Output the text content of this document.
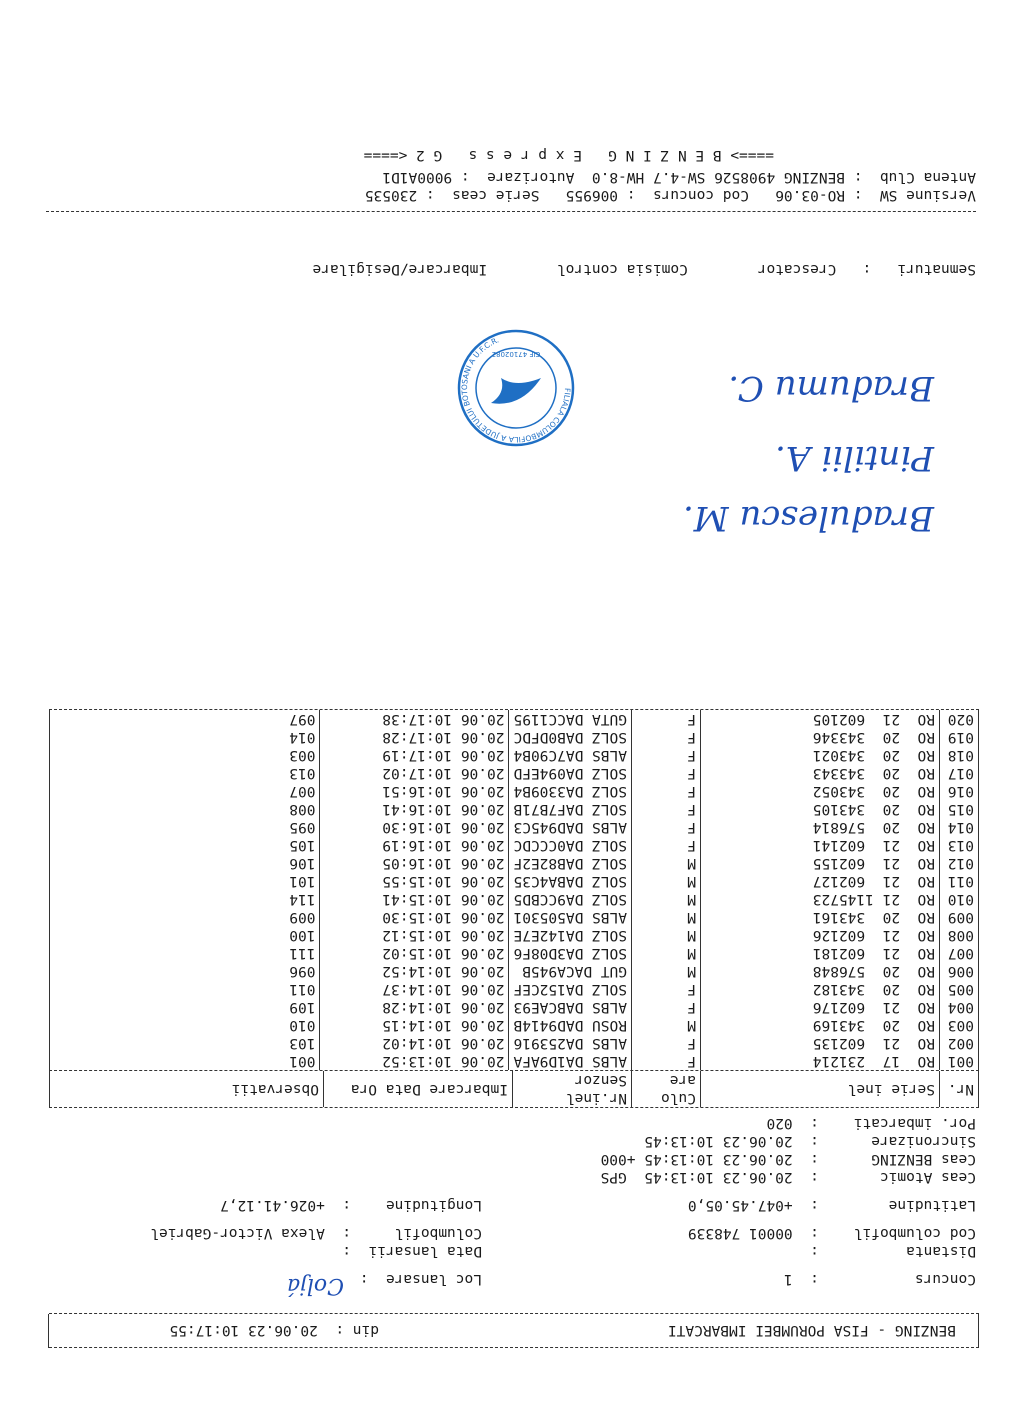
BENZING - FISA PORUMBEI IMBARCATI
din :  20.06.23 10:17:55
Concurs           :  1
Loc lansare  :
Coljá
Distanta          :
Data lansarii  :
Cod columbofil    :  00001 748339
Columbofil     :  Alexa Victor-Gabriel
Latitudine        :  +047.45.05,0
Longitudine    :  +026.41.12,7
Ceas Atomic       :  20.06.23 10:13:45  GPS
Ceas BENZING      :  20.06.23 10:13:45 +000
Sincronizare      :  20.06.23 10:13:45
Por. imbarcati    :  020
Nr.	Serie inel	Culo are	Nr.inel Senzor	Imbarcare Data Ora	Observatii
001	RO  17  231214	F	ALBS DA1D9AFA	20.06 10:13:52	001
002	RO  21  602135	F	ALBS DA253916	20.06 10:14:02	103
003	RO  20  343169	M	ROSU DAD9414B	20.06 10:14:15	010
004	RO  21  602176	F	ALBS DABCAE93	20.06 10:14:28	109
005	RO  20  343182	F	SOLZ DA152CEF	20.06 10:14:37	011
006	RO  20  576848	M	GUT DACA945B	20.06 10:14:52	096
007	RO  21  602181	M	SOLZ DA3D08F6	20.06 10:15:02	111
008	RO  21  602126	M	SOLZ DA142E7E	20.06 10:15:12	100
009	RO  20  343161	M	ALBS DA505301	20.06 10:15:30	009
010	RO  21 1145723	M	SOLZ DA9CCBD5	20.06 10:15:41	114
011	RO  21  602127	M	SOLZ DABA4C35	20.06 10:15:55	101
012	RO  21  602155	M	SOLZ DAB82E2F	20.06 10:16:05	106
013	RO  21  602141	F	SOLZ DA0CCCDC	20.06 10:16:19	105
014	RO  20  576814	F	ALBS DAD945C3	20.06 10:16:30	095
015	RO  20  343105	F	SOLZ DAF7B71B	20.06 10:16:41	008
016	RO  20  343052	F	SOLZ DA3309B4	20.06 10:16:51	007
017	RO  20  343343	F	SOLZ DA094EFD	20.06 10:17:02	013
018	RO  20  343021	F	ALBS DA7C90B4	20.06 10:17:19	003
019	RO  20  343346	F	SOLZ DAB0DFDC	20.06 10:17:28	014
020	RO  21  602105	F	GUTA DACC1195	20.06 10:17:38	097
Bradumu C.
Pintilii A.
Bradulescu M.
FILIALA COLUMBOFILA A JUDETULUI BOTOSANI A U.F.C.R.
CIF 47102082
Semnaturi   :   Crescator        Comisia control        Imbarcare/Desigilare
Versiune SW  : RO-03.06   Cod concurs  : 006955   Serie ceas  : 230535
Antena Club  : BENZING 4908526 SW-4.7 HW-8.0  Autorizare  : 9000A1D1
====> B E N Z I N G   E x p r e s s   G 2 <====
